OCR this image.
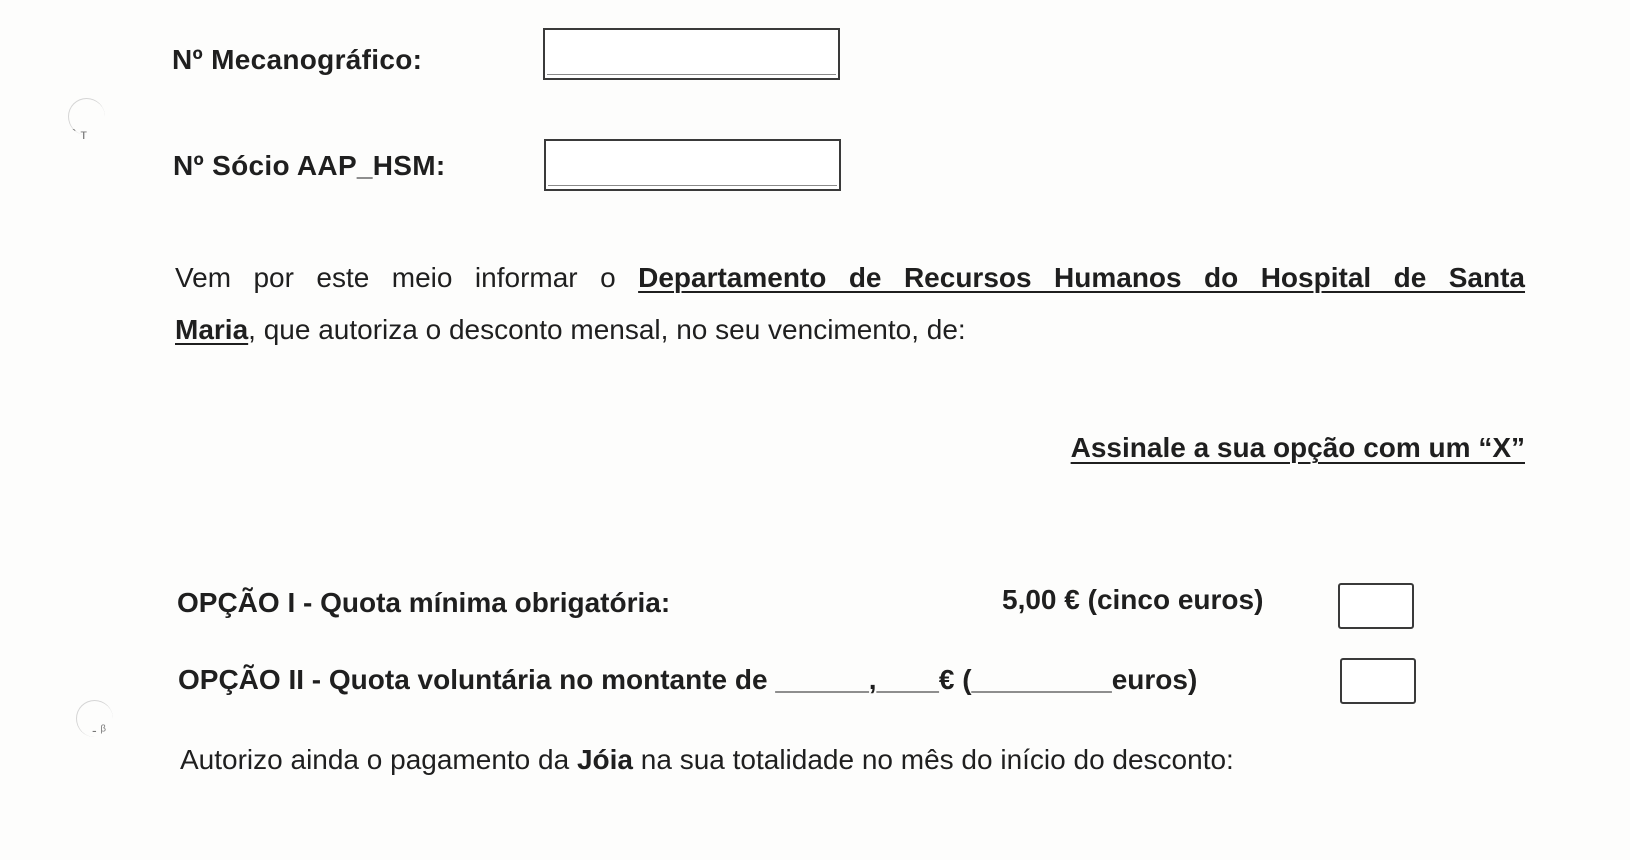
` т
- ᵝ
Nº Mecanográfico:
Nº Sócio AAP_HSM:
Vem por este meio informar o Departamento de Recursos Humanos do Hospital de Santa
Maria, que autoriza o desconto mensal, no seu vencimento, de:
Assinale a sua opção com um “X”
OPÇÃO I - Quota mínima obrigatória:	5,00 € (cinco euros)
OPÇÃO II - Quota voluntária no montante de ______,____€ (_________euros)
Autorizo ainda o pagamento da Jóia na sua totalidade no mês do início do desconto:
